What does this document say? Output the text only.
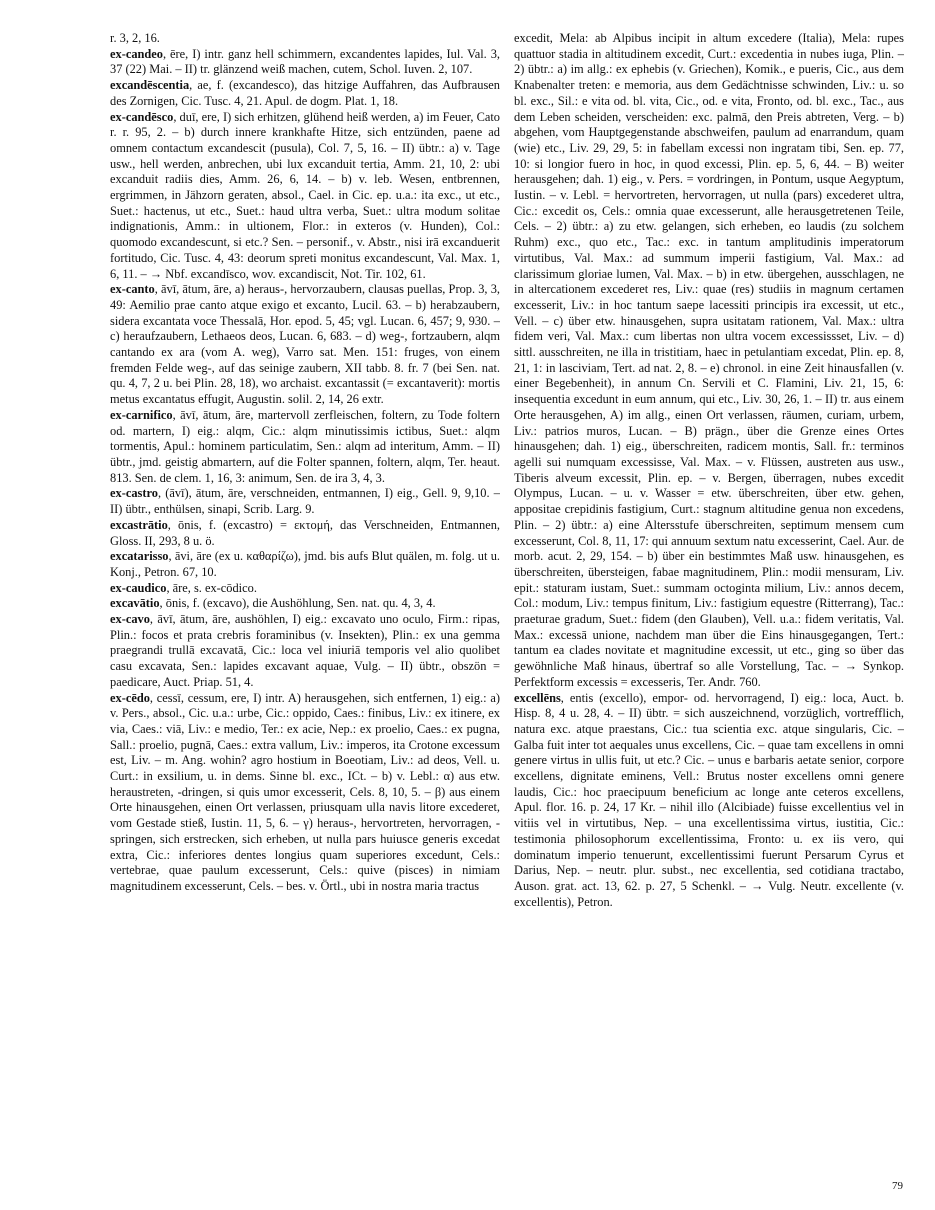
r. 3, 2, 16.

ex-candeo, ēre, I) intr. ganz hell schimmern, excandentes lapides, Iul. Val. 3, 37 (22) Mai. – II) tr. glänzend weiß machen, cutem, Schol. Iuven. 2, 107.

excandēscentia, ae, f. (excandesco), das hitzige Auffahren, das Aufbrausen des Zornigen, Cic. Tusc. 4, 21. Apul. de dogm. Plat. 1, 18.

ex-candēsco, duī, ere, I) sich erhitzen, glühend heiß werden, a) im Feuer, Cato r. r. 95, 2. – b) durch innere krankhafte Hitze, sich entzünden, paene ad omnem contactum excandescit (pusula), Col. 7, 5, 16. – II) übtr.: a) v. Tage usw., hell werden, anbrechen, ubi lux excanduit tertia, Amm. 21, 10, 2: ubi excanduit radiis dies, Amm. 26, 6, 14. – b) v. leb. Wesen, entbrennen, ergrimmen, in Jähzorn geraten, absol., Cael. in Cic. ep. u.a.: ita exc., ut etc., Suet.: hactenus, ut etc., Suet.: haud ultra verba, Suet.: ultra modum solitae indignationis, Amm.: in ultionem, Flor.: in exteros (v. Hunden), Col.: quomodo excandescunt, si etc.? Sen. – personif., v. Abstr., nisi irā excanduerit fortitudo, Cic. Tusc. 4, 43: deorum spreti monitus excandescunt, Val. Max. 1, 6, 11. – → Nbf. excandīsco, wov. excandiscit, Not. Tir. 102, 61.

ex-canto, āvī, ātum, āre, a) heraus-, hervorzaubern, clausas puellas, Prop. 3, 3, 49: Aemilio prae canto atque exigo et excanto, Lucil. 63. – b) herabzaubern, sidera excantata voce Thessalā, Hor. epod. 5, 45; vgl. Lucan. 6, 457; 9, 930. – c) heraufzaubern, Lethaeos deos, Lucan. 6, 683. – d) weg-, fortzaubern, alqm cantando ex ara (vom A. weg), Varro sat. Men. 151: fruges, von einem fremden Felde weg-, auf das seinige zaubern, XII tabb. 8. fr. 7 (bei Sen. nat. qu. 4, 7, 2 u. bei Plin. 28, 18), wo archaist. excantassit (= excantaverit): mortis metus excantatus effugit, Augustin. solil. 2, 14, 26 extr.

ex-carnifico, āvī, ātum, āre, martervoll zerfleischen, foltern, zu Tode foltern od. martern, I) eig.: alqm, Cic.: alqm minutissimis ictibus, Suet.: alqm tormentis, Apul.: hominem particulatim, Sen.: alqm ad interitum, Amm. – II) übtr., jmd. geistig abmartern, auf die Folter spannen, foltern, alqm, Ter. heaut. 813. Sen. de clem. 1, 16, 3: animum, Sen. de ira 3, 4, 3.

ex-castro, (āvī), ātum, āre, verschneiden, entmannen, I) eig., Gell. 9, 9,10. – II) übtr., enthülsen, sinapi, Scrib. Larg. 9.

excastrātio, ōnis, f. (excastro) = εκτομή, das Verschneiden, Entmannen, Gloss. II, 293, 8 u. ö.

excatarisso, āvi, āre (ex u. καθαρίζω), jmd. bis aufs Blut quälen, m. folg. ut u. Konj., Petron. 67, 10.

ex-caudico, āre, s. ex-cōdico.

excavātio, ōnis, f. (excavo), die Aushöhlung, Sen. nat. qu. 4, 3, 4.

ex-cavo, āvī, ātum, āre, aushöhlen, I) eig.: excavato uno oculo, Firm.: ripas, Plin.: focos et prata crebris foraminibus (v. Insekten), Plin.: ex una gemma praegrandi trullā excavatā, Cic.: loca vel iniuriā temporis vel alio quolibet casu excavata, Sen.: lapides excavant aquae, Vulg. – II) übtr., obszön = paedicare, Auct. Priap. 51, 4.

ex-cēdo, cessī, cessum, ere, I) intr. A) herausgehen, sich entfernen, 1) eig.: a) v. Pers., absol., Cic. u.a.: urbe, Cic.: oppido, Caes.: finibus, Liv.: ex itinere, ex via, Caes.: viā, Liv.: e medio, Ter.: ex acie, Nep.: ex proelio, Caes.: ex pugna, Sall.: proelio, pugnā, Caes.: extra vallum, Liv.: imperos, ita Crotone excessum est, Liv. – m. Ang. wohin? agro hostium in Boeotiam, Liv.: ad deos, Vell. u. Curt.: in exsilium, u. in dems. Sinne bl. exc., ICt. – b) v. Lebl.: α) aus etw. heraustreten, -dringen, si quis umor excesserit, Cels. 8, 10, 5. – β) aus einem Orte hinausgehen, einen Ort verlassen, priusquam ulla navis litore excederet, vom Gestade stieß, Iustin. 11, 5, 6. – γ) heraus-, hervortreten, hervorragen, -springen, sich erstrecken, sich erheben, ut nulla pars huiusce generis excedat extra, Cic.: inferiores dentes longius quam superiores excedunt, Cels.: vertebrae, quae paulum excesserunt, Cels.: quive (pisces) in nimiam magnitudinem excesserunt, Cels. – bes. v. Örtl., ubi in nostra maria tractus

excedit, Mela: ab Alpibus incipit in altum excedere (Italia), Mela: rupes quattuor stadia in altitudinem excedit, Curt.: excedentia in nubes iuga, Plin. – 2) übtr.: a) im allg.: ex ephebis (v. Griechen), Komik., e pueris, Cic., aus dem Knabenalter treten: e memoria, aus dem Gedächtnisse schwinden, Liv.: u. so bl. exc., Sil.: e vita od. bl. vita, Cic., od. e vita, Fronto, od. bl. exc., Tac., aus dem Leben scheiden, verscheiden: exc. palmā, den Preis abtreten, Verg. – b) abgehen, vom Hauptgegenstande abschweifen, paulum ad enarrandum, quam (wie) etc., Liv. 29, 29, 5: in fabellam excessi non ingratam tibi, Sen. ep. 77, 10: si longior fuero in hoc, in quod excessi, Plin. ep. 5, 6, 44. – B) weiter herausgehen; dah. 1) eig., v. Pers. = vordringen, in Pontum, usque Aegyptum, Iustin. – v. Lebl. = hervortreten, hervorragen, ut nulla (pars) excederet ultra, Cic.: excedit os, Cels.: omnia quae excesserunt, alle herausgetretenen Teile, Cels. – 2) übtr.: a) zu etw. gelangen, sich erheben, eo laudis (zu solchem Ruhm) exc., quo etc., Tac.: exc. in tantum amplitudinis imperatorum virtutibus, Val. Max.: ad summum imperii fastigium, Val. Max.: ad clarissimum gloriae lumen, Val. Max. – b) in etw. übergehen, ausschlagen, ne in altercationem excederet res, Liv.: quae (res) studiis in magnum certamen excesserit, Liv.: in hoc tantum saepe lacessiti principis ira excessit, ut etc., Vell. – c) über etw. hinausgehen, supra usitatam rationem, Val. Max.: ultra fidem veri, Val. Max.: cum libertas non ultra vocem excessissset, Liv. – d) sittl. ausschreiten, ne illa in tristitiam, haec in petulantiam excedat, Plin. ep. 8, 21, 1: in lasciviam, Tert. ad nat. 2, 8. – e) chronol. in eine Zeit hinausfallen (v. einer Begebenheit), in annum Cn. Servili et C. Flamini, Liv. 21, 15, 6: insequentia excedunt in eum annum, qui etc., Liv. 30, 26, 1. – II) tr. aus einem Orte herausgehen, A) im allg., einen Ort verlassen, räumen, curiam, urbem, Liv.: patrios muros, Lucan. – B) prägn., über die Grenze eines Ortes hinausgehen; dah. 1) eig., überschreiten, radicem montis, Sall. fr.: terminos agelli sui numquam excessisse, Val. Max. – v. Flüssen, austreten aus usw., Tiberis alveum excessit, Plin. ep. – v. Bergen, überragen, nubes excedit Olympus, Lucan. – u. v. Wasser = etw. überschreiten, über etw. gehen, appositae crepidinis fastigium, Curt.: stagnum altitudine genua non excedens, Plin. – 2) übtr.: a) eine Altersstufe überschreiten, septimum mensem cum excesserunt, Col. 8, 11, 17: qui annuum sextum natu excesserint, Cael. Aur. de morb. acut. 2, 29, 154. – b) über ein bestimmtes Maß usw. hinausgehen, es überschreiten, übersteigen, fabae magnitudinem, Plin.: modii mensuram, Liv. epit.: staturam iustam, Suet.: summam octoginta milium, Liv.: annos decem, Col.: modum, Liv.: tempus finitum, Liv.: fastigium equestre (Ritterrang), Tac.: praeturae gradum, Suet.: fidem (den Glauben), Vell. u.a.: fidem veritatis, Val. Max.: excessā unione, nachdem man über die Eins hinausgegangen, Tert.: tantum ea clades novitate et magnitudine excessit, ut etc., ging so über das gewöhnliche Maß hinaus, übertraf so alle Vorstellung, Tac. – → Synkop. Perfektform excessis = excesseris, Ter. Andr. 760.

excellēns, entis (excello), empor- od. hervorragend, I) eig.: loca, Auct. b. Hisp. 8, 4 u. 28, 4. – II) übtr. = sich auszeichnend, vorzüglich, vortrefflich, natura exc. atque praestans, Cic.: tua scientia exc. atque singularis, Cic. – Galba fuit inter tot aequales unus excellens, Cic. – quae tam excellens in omni genere virtus in ullis fuit, ut etc.? Cic. – unus e barbaris aetate senior, corpore excellens, dignitate eminens, Vell.: Brutus noster excellens omni genere laudis, Cic.: hoc praecipuum beneficium ac longe ante ceteros excellens, Apul. flor. 16. p. 24, 17 Kr. – nihil illo (Alcibiade) fuisse excellentius vel in vitiis vel in virtutibus, Nep. – una excellentissima virtus, iustitia, Cic.: testimonia philosophorum excellentissima, Fronto: u. ex iis vero, qui dominatum imperio tenuerunt, excellentissimi fuerunt Persarum Cyrus et Darius, Nep. – neutr. plur. subst., nec excellentia, sed cotidiana tractabo, Auson. grat. act. 13, 62. p. 27, 5 Schenkl. – → Vulg. Neutr. excellente (v. excellentis), Petron.

79
